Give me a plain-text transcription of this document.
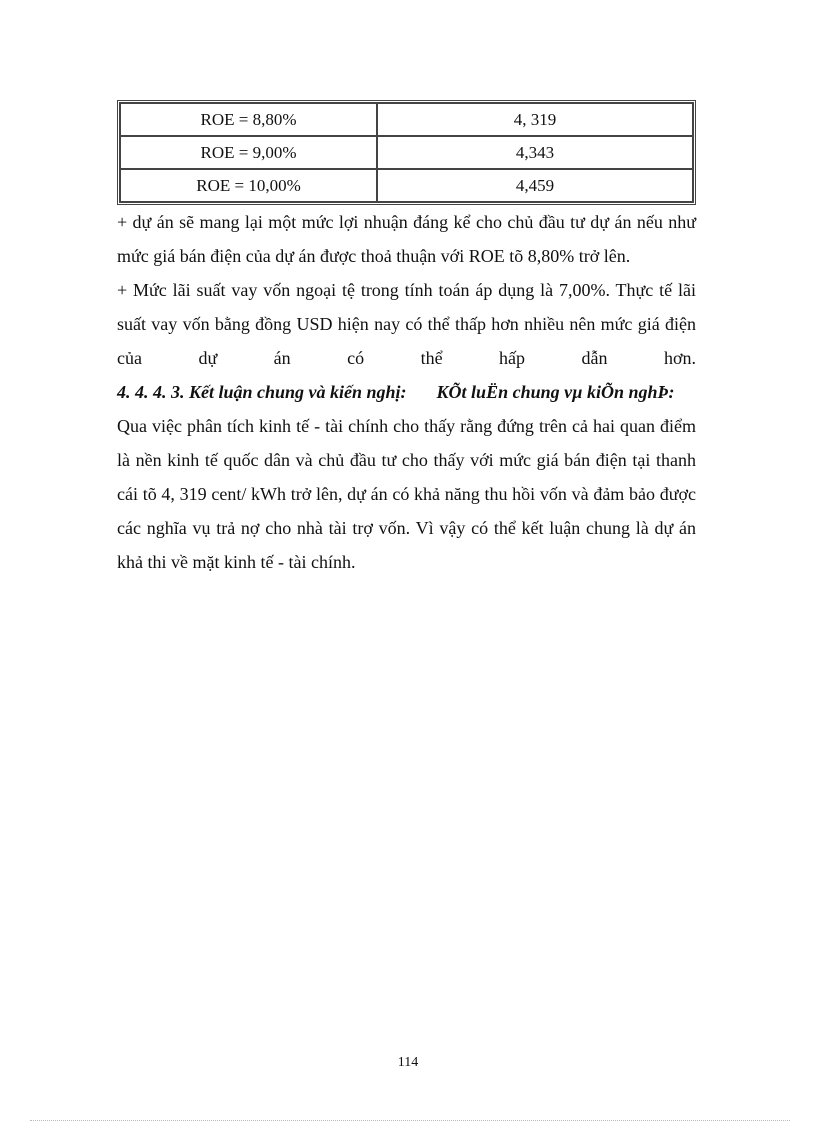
ROE = 8,80%	4, 319
ROE = 9,00%	4,343
ROE = 10,00%	4,459

+ dự án sẽ mang lại một mức lợi nhuận đáng kể cho chủ đầu tư dự án nếu như mức giá bán điện của dự án được thoả thuận với ROE tõ 8,80% trở lên.

+ Mức lãi suất vay vốn ngoại tệ trong tính toán áp dụng là 7,00%. Thực tế lãi suất vay vốn bằng đồng USD hiện nay có thể thấp hơn nhiều nên mức giá điện của dự án có thể hấp dẫn hơn.

4. 4. 4. 3. Kết luận chung và kiến nghị: KÕt luËn chung vµ kiÕn nghÞ:

Qua việc phân tích kinh tế - tài chính cho thấy rằng đứng trên cả hai quan điểm là nền kinh tế quốc dân và chủ đầu tư cho thấy với mức giá bán điện tại thanh cái tõ 4, 319 cent/ kWh trở lên, dự án có khả năng thu hồi vốn và đảm bảo được các nghĩa vụ trả nợ cho nhà tài trợ vốn. Vì vậy có thể kết luận chung là dự án khả thi về mặt kinh tế - tài chính.

114
